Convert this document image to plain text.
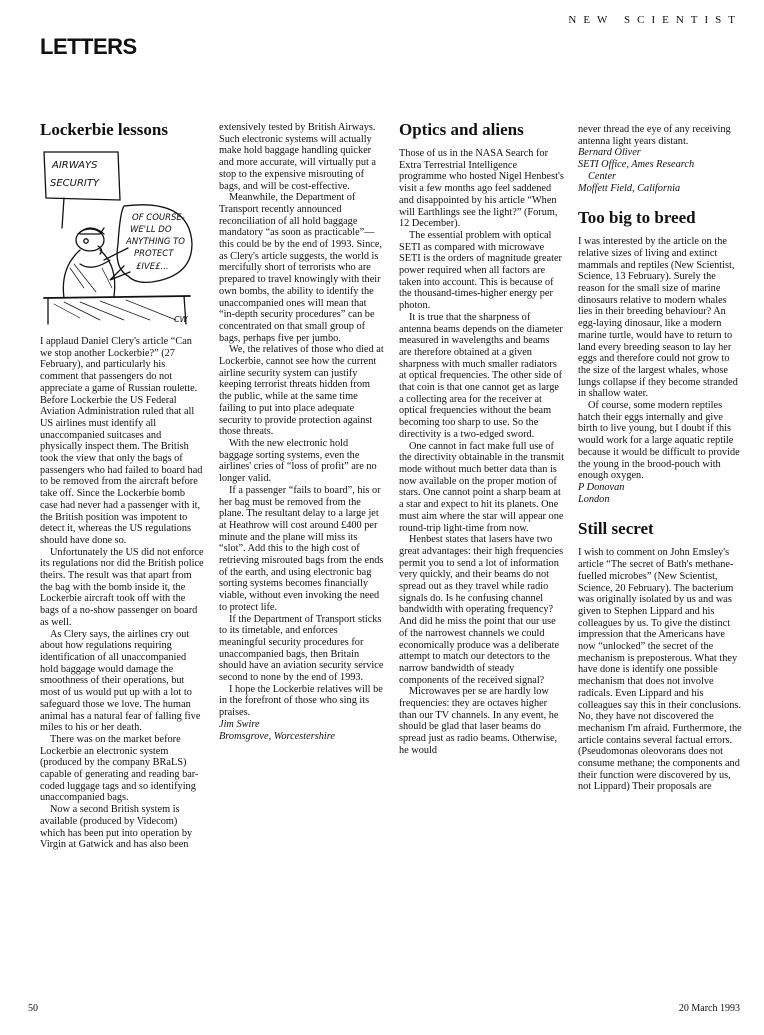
NEW SCIENTIST
LETTERS
Lockerbie lessons
AIRWAYS
SECURITY
OF COURSE-
WE'LL DO
ANYTHING TO
PROTECT
£IVE£...
CW

I applaud Daniel Clery's article “Can we stop another Lockerbie?” (27 February), and particularly his comment that passengers do not appreciate a game of Russian roulette. Before Lockerbie the US Federal Aviation Administration ruled that all US airlines must identify all unaccompanied suitcases and physically inspect them. The British took the view that only the bags of passengers who had failed to board had to be removed from the aircraft before take off. Since the Lockerbie bomb case had never had a passenger with it, the British position was impotent to detect it, whereas the US regulations should have done so.

Unfortunately the US did not enforce its regulations nor did the British police theirs. The result was that apart from the bag with the bomb inside it, the Lockerbie aircraft took off with the bags of a no-show passenger on board as well.

As Clery says, the airlines cry out about how regulations requiring identification of all unaccompanied hold baggage would damage the smoothness of their operations, but most of us would put up with a lot to safeguard those we love. The human animal has a natural fear of falling five miles to his or her death.

There was on the market before Lockerbie an electronic system (produced by the company BRaLS) capable of generating and reading bar-coded luggage tags and so identifying unaccompanied bags.

Now a second British system is available (produced by Videcom) which has been put into operation by Virgin at Gatwick and has also been

extensively tested by British Airways. Such electronic systems will actually make hold baggage handling quicker and more accurate, will virtually put a stop to the expensive misrouting of bags, and will be cost-effective.

Meanwhile, the Department of Transport recently announced reconciliation of all hold baggage mandatory “as soon as practicable”—this could be by the end of 1993. Since, as Clery's article suggests, the world is mercifully short of terrorists who are prepared to travel knowingly with their own bombs, the ability to identify the unaccompanied ones will mean that “in-depth security procedures” can be concentrated on that small group of bags, perhaps five per jumbo.

We, the relatives of those who died at Lockerbie, cannot see how the current airline security system can justify keeping terrorist threats hidden from the public, while at the same time failing to put into place adequate security to provide protection against those threats.

With the new electronic hold baggage sorting systems, even the airlines' cries of “loss of profit” are no longer valid.

If a passenger “fails to board”, his or her bag must be removed from the plane. The resultant delay to a large jet at Heathrow will cost around £400 per minute and the plane will miss its “slot”. Add this to the high cost of retrieving misrouted bags from the ends of the earth, and using electronic bag sorting systems becomes financially viable, without even invoking the need to protect life.

If the Department of Transport sticks to its timetable, and enforces meaningful security procedures for unaccompanied bags, then Britain should have an aviation security service second to none by the end of 1993.

I hope the Lockerbie relatives will be in the forefront of those who sing its praises.

Jim Swire

Bromsgrove, Worcestershire

Optics and aliens

Those of us in the NASA Search for Extra Terrestrial Intelligence programme who hosted Nigel Henbest's visit a few months ago feel saddened and disappointed by his article “When will Earthlings see the light?” (Forum, 12 December).

The essential problem with optical SETI as compared with microwave SETI is the orders of magnitude greater power required when all factors are taken into account. This is because of the thousand-times-higher energy per photon.

It is true that the sharpness of antenna beams depends on the diameter measured in wavelengths and beams are therefore obtained at a given sharpness with much smaller radiators at optical frequencies. The other side of that coin is that one cannot get as large a collecting area for the receiver at optical frequencies without the beam becoming too sharp to use. So the directivity is a two-edged sword.

One cannot in fact make full use of the directivity obtainable in the transmit mode without much better data than is now available on the proper motion of stars. One cannot point a sharp beam at a star and expect to hit its planets. One must aim where the star will appear one round-trip light-time from now.

Henbest states that lasers have two great advantages: their high frequencies permit you to send a lot of information very quickly, and their beams do not spread out as they travel while radio signals do. Is he confusing channel bandwidth with operating frequency? And did he miss the point that our use of the narrowest channels we could economically produce was a deliberate attempt to match our detectors to the narrow bandwidth of steady components of the received signal?

Microwaves per se are hardly low frequencies: they are octaves higher than our TV channels. In any event, he should be glad that laser beams do spread just as radio beams. Otherwise, he would

never thread the eye of any receiving antenna light years distant.

Bernard Oliver

SETI Office, Ames Research

Center

Moffett Field, California

Too big to breed

I was interested by the article on the relative sizes of living and extinct mammals and reptiles (New Scientist, Science, 13 February). Surely the reason for the small size of marine dinosaurs relative to modern whales lies in their breeding behaviour? An egg-laying dinosaur, like a modern marine turtle, would have to return to land every breeding season to lay her eggs and therefore could not grow to the size of the largest whales, whose lungs collapse if they become stranded in shallow water.

Of course, some modern reptiles hatch their eggs internally and give birth to live young, but I doubt if this would work for a large aquatic reptile because it would be difficult to provide the young in the brood-pouch with enough oxygen.

P Donovan

London

Still secret

I wish to comment on John Emsley's article “The secret of Bath's methane-fuelled microbes” (New Scientist, Science, 20 February). The bacterium was originally isolated by us and was given to Stephen Lippard and his colleagues by us. To give the distinct impression that the Americans have now “unlocked” the secret of the mechanism is preposterous. What they have done is identify one possible mechanism that does not involve radicals. Even Lippard and his colleagues say this in their conclusions. No, they have not discovered the mechanism I'm afraid. Furthermore, the article contains several factual errors. (Pseudomonas oleovorans does not consume methane; the components and their function were discovered by us, not Lippard) Their proposals are

50	20 March 1993
